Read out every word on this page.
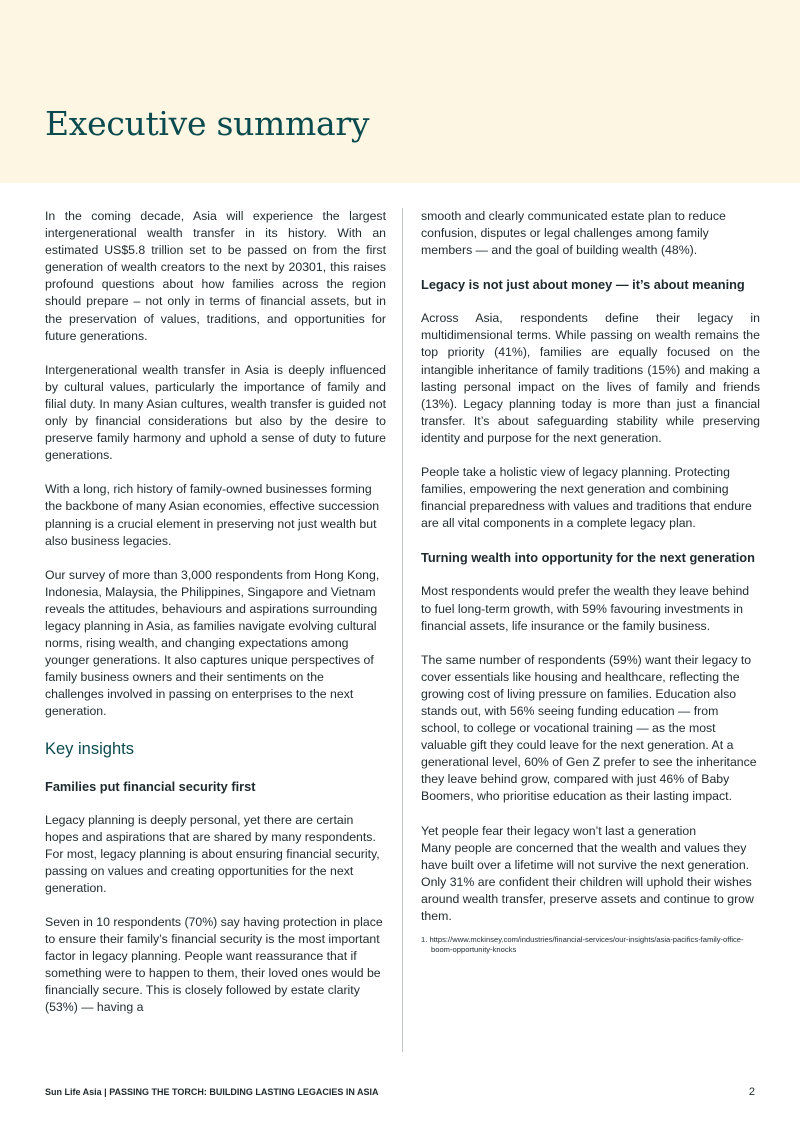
Executive summary

In the coming decade, Asia will experience the largest intergenerational wealth transfer in its history. With an estimated US$5.8 trillion set to be passed on from the first generation of wealth creators to the next by 20301, this raises profound questions about how families across the region should prepare – not only in terms of financial assets, but in the preservation of values, traditions, and opportunities for future generations.

Intergenerational wealth transfer in Asia is deeply influenced by cultural values, particularly the importance of family and filial duty. In many Asian cultures, wealth transfer is guided not only by financial considerations but also by the desire to preserve family harmony and uphold a sense of duty to future generations.

With a long, rich history of family-owned businesses forming the backbone of many Asian economies, effective succession planning is a crucial element in preserving not just wealth but also business legacies.

Our survey of more than 3,000 respondents from Hong Kong, Indonesia, Malaysia, the Philippines, Singapore and Vietnam reveals the attitudes, behaviours and aspirations surrounding legacy planning in Asia, as families navigate evolving cultural norms, rising wealth, and changing expectations among younger generations. It also captures unique perspectives of family business owners and their sentiments on the challenges involved in passing on enterprises to the next generation.

Key insights
Families put financial security first

Legacy planning is deeply personal, yet there are certain hopes and aspirations that are shared by many respondents. For most, legacy planning is about ensuring financial security, passing on values and creating opportunities for the next generation.

Seven in 10 respondents (70%) say having protection in place to ensure their family’s financial security is the most important factor in legacy planning. People want reassurance that if something were to happen to them, their loved ones would be financially secure. This is closely followed by estate clarity (53%) — having a

smooth and clearly communicated estate plan to reduce confusion, disputes or legal challenges among family members — and the goal of building wealth (48%).

Legacy is not just about money — it’s about meaning

Across Asia, respondents define their legacy in multidimensional terms. While passing on wealth remains the top priority (41%), families are equally focused on the intangible inheritance of family traditions (15%) and making a lasting personal impact on the lives of family and friends (13%). Legacy planning today is more than just a financial transfer. It’s about safeguarding stability while preserving identity and purpose for the next generation.

People take a holistic view of legacy planning. Protecting families, empowering the next generation and combining financial preparedness with values and traditions that endure are all vital components in a complete legacy plan.

Turning wealth into opportunity for the next generation

Most respondents would prefer the wealth they leave behind to fuel long-term growth, with 59% favouring investments in financial assets, life insurance or the family business.

The same number of respondents (59%) want their legacy to cover essentials like housing and healthcare, reflecting the growing cost of living pressure on families. Education also stands out, with 56% seeing funding education — from school, to college or vocational training — as the most valuable gift they could leave for the next generation. At a generational level, 60% of Gen Z prefer to see the inheritance they leave behind grow, compared with just 46% of Baby Boomers, who prioritise education as their lasting impact.

Yet people fear their legacy won’t last a generation
Many people are concerned that the wealth and values they have built over a lifetime will not survive the next generation. Only 31% are confident their children will uphold their wishes around wealth transfer, preserve assets and continue to grow them.

1. https://www.mckinsey.com/industries/financial-services/our-insights/asia-pacifics-family-office-boom-opportunity-knocks
Sun Life Asia | PASSING THE TORCH: BUILDING LASTING LEGACIES IN ASIA	2
